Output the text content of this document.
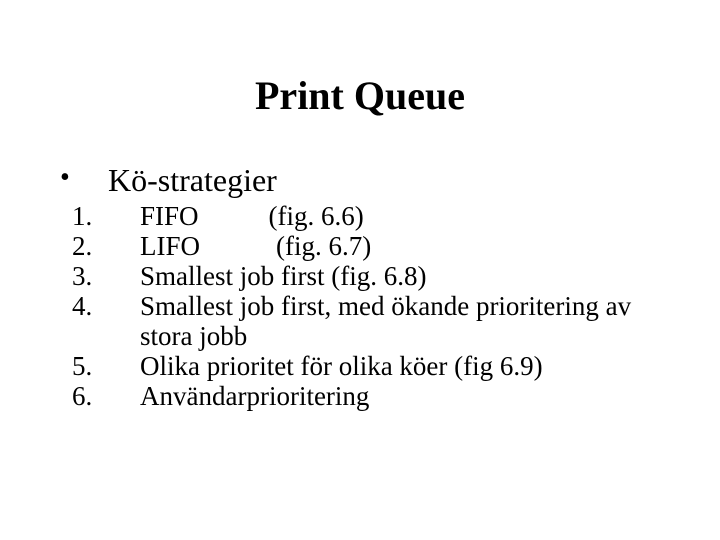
Print Queue
• Kö-strategier
1. FIFO	(fig. 6.6)
2. LIFO	(fig. 6.7)
3. Smallest job first (fig. 6.8)
4. Smallest job first, med ökande prioritering av
stora jobb
5. Olika prioritet för olika köer (fig 6.9)
6. Användarprioritering
